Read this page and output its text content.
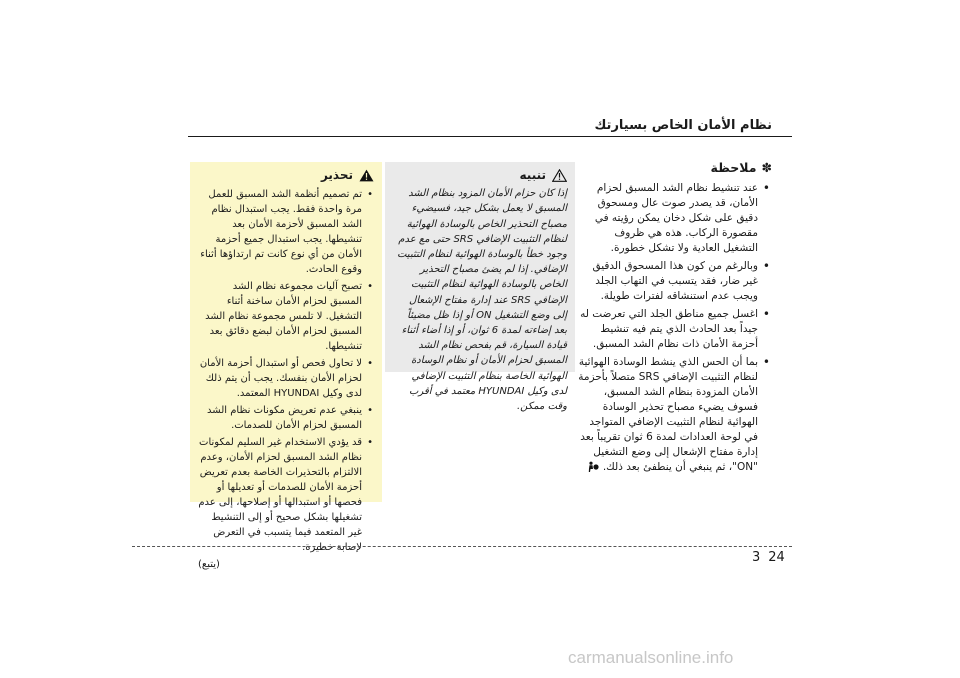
نظام الأمان الخاص بسيارتك
✽ملاحظة
• عند تنشيط نظام الشد المسبق لحزام الأمان، قد يصدر صوت عال ومسحوق دقيق على شكل دخان يمكن رؤيته في مقصورة الركاب. هذه هي ظروف التشغيل العادية ولا تشكل خطورة.
• وبالرغم من كون هذا المسحوق الدقيق غير ضار، فقد يتسبب في التهاب الجلد ويجب عدم استنشاقه لفترات طويلة.
• اغسل جميع مناطق الجلد التي تعرضت له جيداً بعد الحادث الذي يتم فيه تنشيط أحزمة الأمان ذات نظام الشد المسبق.
• بما أن الحس الذي ينشط الوسادة الهوائية لنظام التثبيت الإضافي SRS متصلاً بأحزمة الأمان المزودة بنظام الشد المسبق، فسوف يضيء مصباح تحذير الوسادة الهوائية لنظام التثبيت الإضافي المتواجد في لوحة العدادات لمدة 6 ثوان تقريباً بعد إدارة مفتاح الإشعال إلى وضع التشغيل "ON"، ثم ينبغي أن ينطفئ بعد ذلك.
تنبيه

إذا كان حزام الأمان المزود بنظام الشد المسبق لا يعمل بشكل جيد، فسيضيء مصباح التحذير الخاص بالوسادة الهوائية لنظام التثبيت الإضافي SRS حتى مع عدم وجود خطأ بالوسادة الهوائية لنظام التثبيت الإضافي. إذا لم يضئ مصباح التحذير الخاص بالوسادة الهوائية لنظام التثبيت الإضافي SRS عند إدارة مفتاح الإشعال إلى وضع التشغيل ON أو إذا ظل مضيئاً بعد إضاءته لمدة 6 ثوان، أو إذا أضاء أثناء قيادة السيارة، قم بفحص نظام الشد المسبق لحزام الأمان أو نظام الوسادة الهوائية الخاصة بنظام التثبيت الإضافي لدى وكيل HYUNDAI معتمد في أقرب وقت ممكن.

تحذير
• تم تصميم أنظمة الشد المسبق للعمل مرة واحدة فقط. يجب استبدال نظام الشد المسبق لأحزمة الأمان بعد تنشيطها. يجب استبدال جميع أحزمة الأمان من أي نوع كانت تم ارتداؤها أثناء وقوع الحادث.
• تصبح آليات مجموعة نظام الشد المسبق لحزام الأمان ساخنة أثناء التشغيل. لا تلمس مجموعة نظام الشد المسبق لحزام الأمان لبضع دقائق بعد تنشيطها.
• لا تحاول فحص أو استبدال أحزمة الأمان لحزام الأمان بنفسك. يجب أن يتم ذلك لدى وكيل HYUNDAI المعتمد.
• ينبغي عدم تعريض مكونات نظام الشد المسبق لحزام الأمان للصدمات.
• قد يؤدي الاستخدام غير السليم لمكونات نظام الشد المسبق لحزام الأمان، وعدم الالتزام بالتحذيرات الخاصة بعدم تعريض أحزمة الأمان للصدمات أو تعديلها أو فحصها أو استبدالها أو إصلاحها، إلى عدم تشغيلها بشكل صحيح أو إلى التنشيط غير المتعمد فيما يتسبب في التعرض لإصابة خطيرة.
(يتبع)	3 24
carmanualsonline.info
